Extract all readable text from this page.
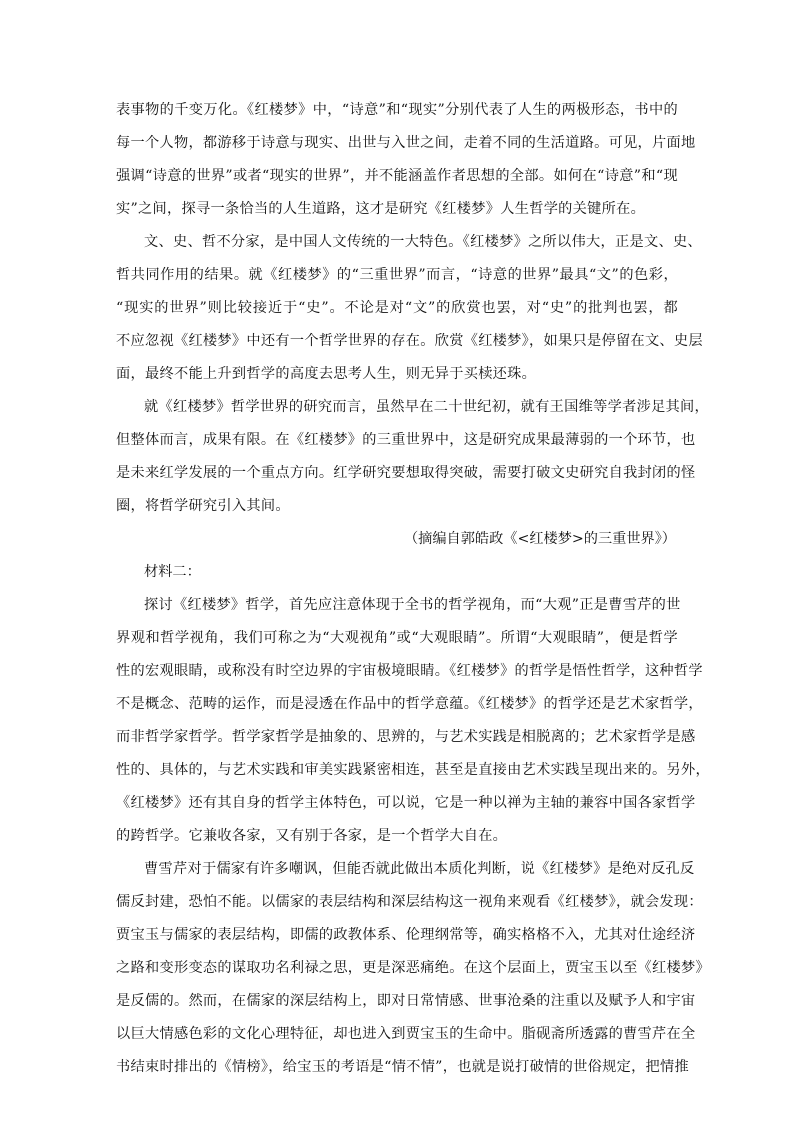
表事物的千变万化。《红楼梦》中，“诗意”和“现实”分别代表了人生的两极形态，书中的
每一个人物，都游移于诗意与现实、出世与入世之间，走着不同的生活道路。可见，片面地
强调“诗意的世界”或者“现实的世界”，并不能涵盖作者思想的全部。如何在“诗意”和“现
实”之间，探寻一条恰当的人生道路，这才是研究《红楼梦》人生哲学的关键所在。
文、史、哲不分家，是中国人文传统的一大特色。《红楼梦》之所以伟大，正是文、史、
哲共同作用的结果。就《红楼梦》的“三重世界”而言，“诗意的世界”最具“文”的色彩，
“现实的世界”则比较接近于“史”。不论是对“文”的欣赏也罢，对“史”的批判也罢，都
不应忽视《红楼梦》中还有一个哲学世界的存在。欣赏《红楼梦》，如果只是停留在文、史层
面，最终不能上升到哲学的高度去思考人生，则无异于买椟还珠。
就《红楼梦》哲学世界的研究而言，虽然早在二十世纪初，就有王国维等学者涉足其间，
但整体而言，成果有限。在《红楼梦》的三重世界中，这是研究成果最薄弱的一个环节，也
是未来红学发展的一个重点方向。红学研究要想取得突破，需要打破文史研究自我封闭的怪
圈，将哲学研究引入其间。
（摘编自郭皓政《<红楼梦>的三重世界》）
材料二：
探讨《红楼梦》哲学，首先应注意体现于全书的哲学视角，而“大观”正是曹雪芹的世
界观和哲学视角，我们可称之为“大观视角”或“大观眼睛”。所谓“大观眼睛”，便是哲学
性的宏观眼睛，或称没有时空边界的宇宙极境眼睛。《红楼梦》的哲学是悟性哲学，这种哲学
不是概念、范畴的运作，而是浸透在作品中的哲学意蕴。《红楼梦》的哲学还是艺术家哲学，
而非哲学家哲学。哲学家哲学是抽象的、思辨的，与艺术实践是相脱离的；艺术家哲学是感
性的、具体的，与艺术实践和审美实践紧密相连，甚至是直接由艺术实践呈现出来的。另外，
《红楼梦》还有其自身的哲学主体特色，可以说，它是一种以禅为主轴的兼容中国各家哲学
的跨哲学。它兼收各家，又有别于各家，是一个哲学大自在。
曹雪芹对于儒家有许多嘲讽，但能否就此做出本质化判断，说《红楼梦》是绝对反孔反
儒反封建，恐怕不能。以儒家的表层结构和深层结构这一视角来观看《红楼梦》，就会发现：
贾宝玉与儒家的表层结构，即儒的政教体系、伦理纲常等，确实格格不入，尤其对仕途经济
之路和变形变态的谋取功名利禄之思，更是深恶痛绝。在这个层面上，贾宝玉以至《红楼梦》
是反儒的。然而，在儒家的深层结构上，即对日常情感、世事沧桑的注重以及赋予人和宇宙
以巨大情感色彩的文化心理特征，却也进入到贾宝玉的生命中。脂砚斋所透露的曹雪芹在全
书结束时排出的《情榜》，给宝玉的考语是“情不情”，也就是说打破情的世俗规定，把情推
